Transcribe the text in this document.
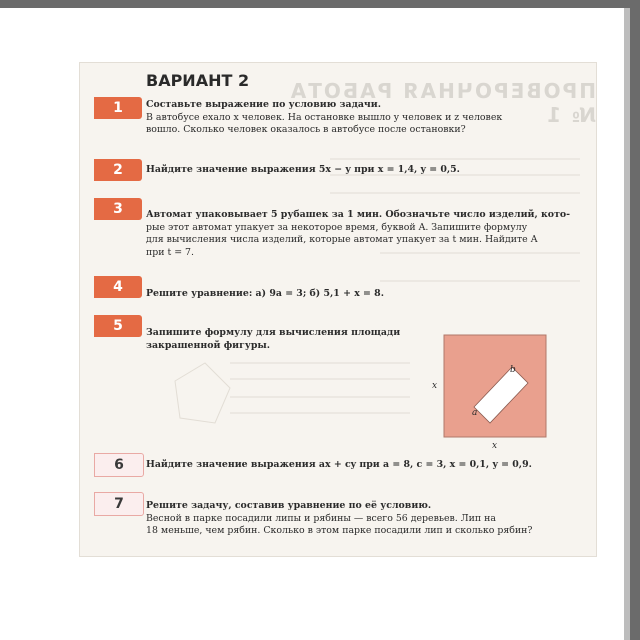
ПРОВЕРОЧНАЯ РАБОТА № 1
ВАРИАНТ 2
1	Составьте выражение по условию задачи.

В автобусе ехало x человек. На остановке вышло y человек и z человек

вошло. Сколько человек оказалось в автобусе после остановки?

2	Найдите значение выражения 5x − y при x = 1,4, y = 0,5.

3	Автомат упаковывает 5 рубашек за 1 мин. Обозначьте число изделий, кото-

рые этот автомат упакует за некоторое время, буквой A. Запишите формулу

для вычисления числа изделий, которые автомат упакует за t мин. Найдите A

при t = 7.

4	Решите уравнение: а) 9a = 3; б) 5,1 + x = 8.

5	Запишите формулу для вычисления площади

закрашенной фигуры.

x
x
a
b
6	Найдите значение выражения ax + cy при a = 8, c = 3, x = 0,1, y = 0,9.

7	Решите задачу, составив уравнение по её условию.

Весной в парке посадили липы и рябины — всего 56 деревьев. Лип на

18 меньше, чем рябин. Сколько в этом парке посадили лип и сколько рябин?
